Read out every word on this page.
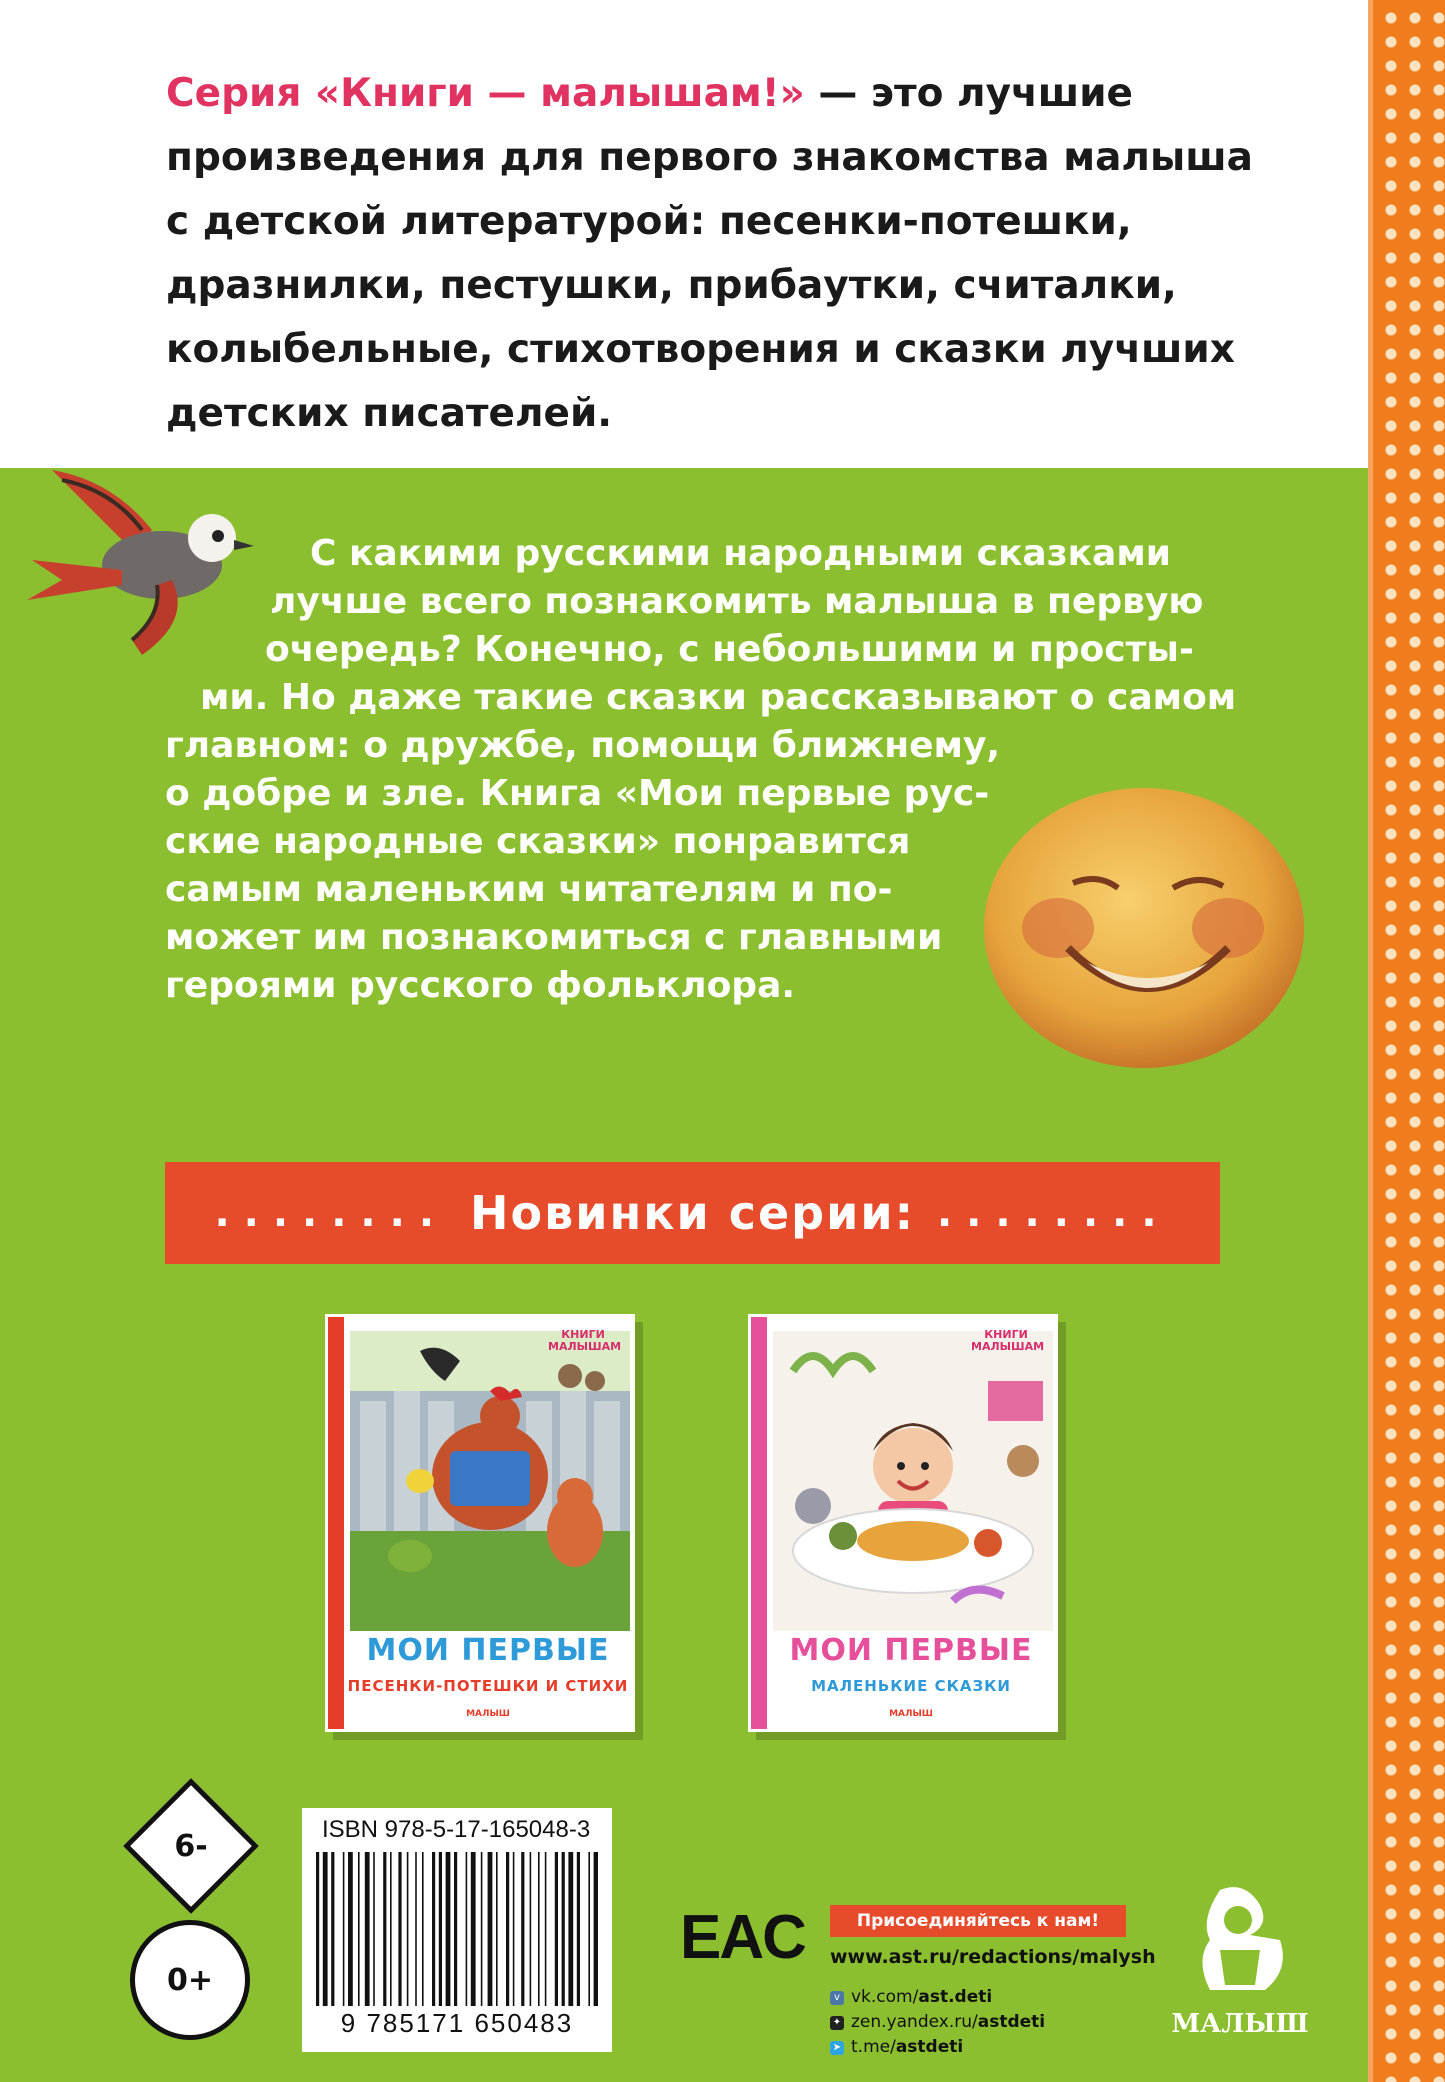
Серия «Книги — малышам!» — это лучшие
произведения для первого знакомства малыша
с детской литературой: песенки-потешки,
дразнилки, пестушки, прибаутки, считалки,
колыбельные, стихотворения и сказки лучших
детских писателей.
С какими русскими народными сказками
лучше всего познакомить малыша в первую
очередь? Конечно, с небольшими и просты-
ми. Но даже такие сказки рассказывают о самом
главном: о дружбе, помощи ближнему,
о добре и зле. Книга «Мои первые рус-
ские народные сказки» понравится
самым маленьким читателям и по-
может им познакомиться с главными
героями русского фольклора.
........ Новинки серии: ........
КНИГИ МАЛЫШАМ
МОИ ПЕРВЫЕ
ПЕСЕНКИ-ПОТЕШКИ И СТИХИ
МАЛЫШ
КНИГИ МАЛЫШАМ
МОИ ПЕРВЫЕ
МАЛЕНЬКИЕ СКАЗКИ
МАЛЫШ
6-
0+
ISBN 978-5-17-165048-3
9 785171 650483
EAC	Присоединяйтесь к нам!
www.ast.ru/redactions/malysh
v vk.com/ast.deti
✦ zen.yandex.ru/astdeti
➤ t.me/astdeti
МАЛЫШ
